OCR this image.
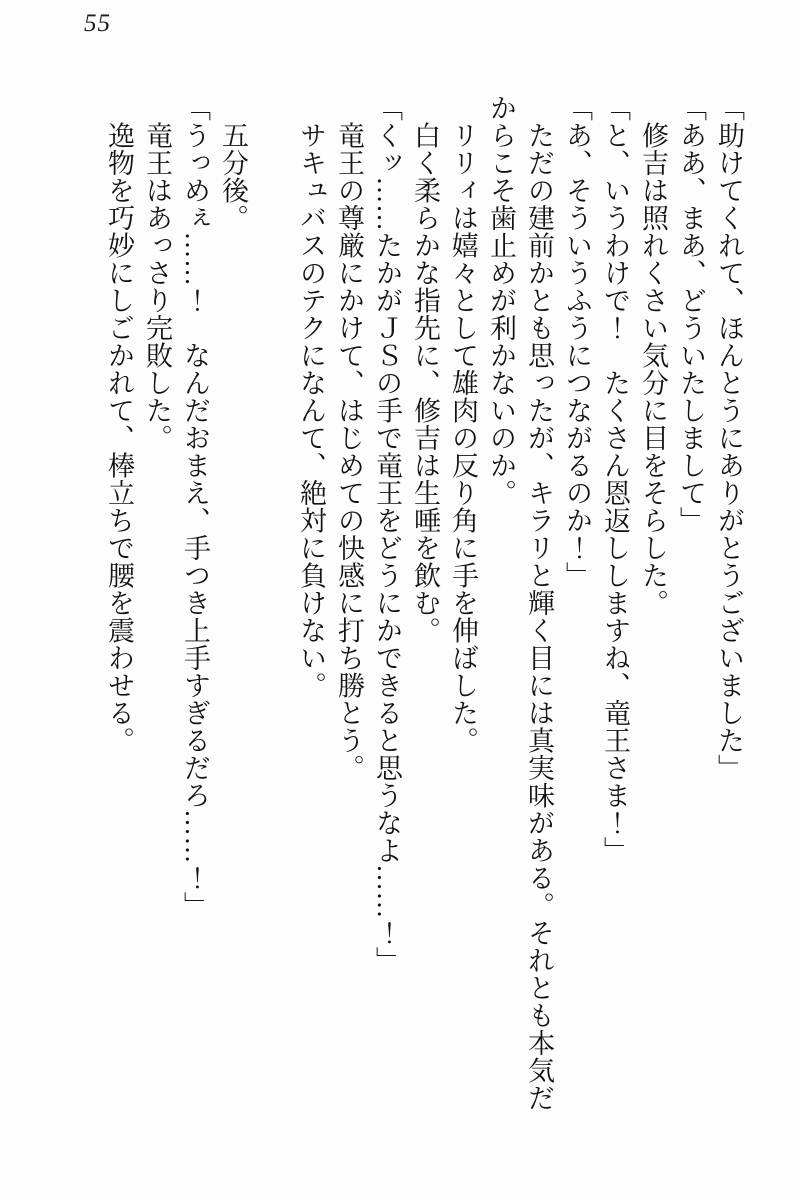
55

「助けてくれて、ほんとうにありがとうございました」

「ああ、まあ、どういたしまして」

　修吉は照れくさい気分に目をそらした。

「と、いうわけで！　たくさん恩返ししますね、竜王さま！」

「あ、そういうふうにつながるのか！」

　ただの建前かとも思ったが、キラリと輝く目には真実味がある。それとも本気だからこそ歯止めが利かないのか。

　リリィは嬉々として雄肉の反り角に手を伸ばした。

　白く柔らかな指先に、修吉は生唾を飲む。

「くッ……たかがＪＳの手で竜王をどうにかできると思うなよ……！」

　竜王の尊厳にかけて、はじめての快感に打ち勝とう。

　サキュバスのテクになんて、絶対に負けない。

　五分後。

「うっめぇ……！　なんだおまえ、手つき上手すぎるだろ……！」

　竜王はあっさり完敗した。

　逸物を巧妙にしごかれて、棒立ちで腰を震わせる。
